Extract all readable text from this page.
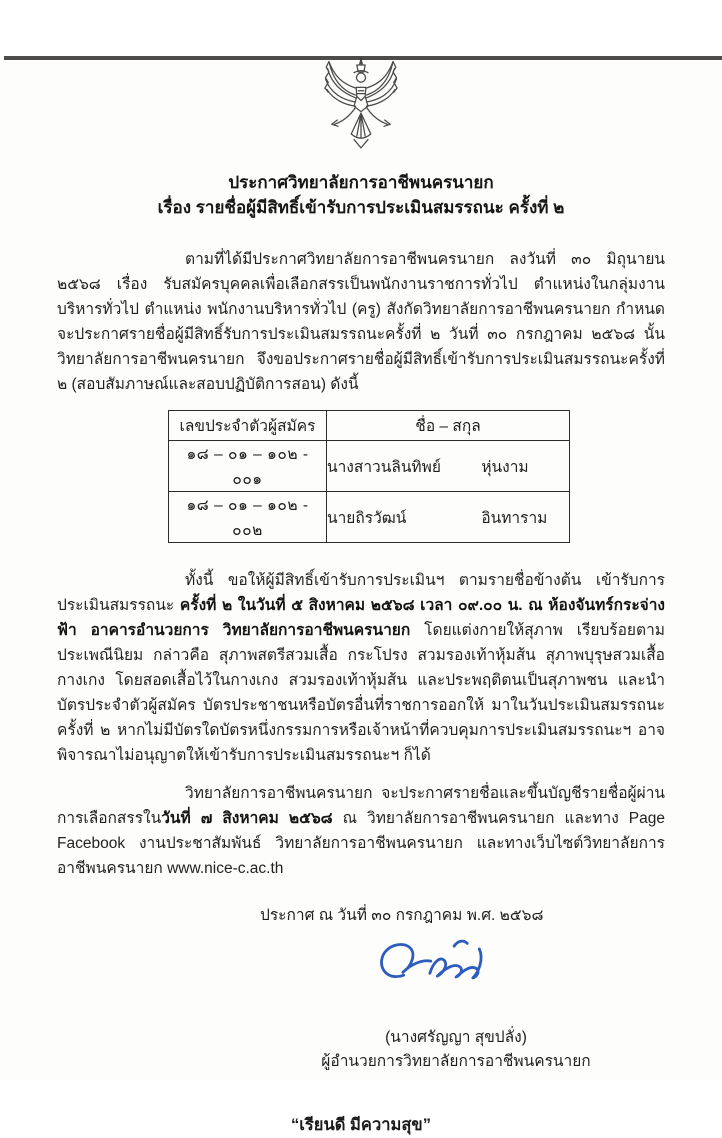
ประกาศวิทยาลัยการอาชีพนครนายก
เรื่อง รายชื่อผู้มีสิทธิ์เข้ารับการประเมินสมรรถนะ ครั้งที่ ๒

ตามที่ได้มีประกาศวิทยาลัยการอาชีพนครนายก ลงวันที่ ๓๐ มิถุนายน ๒๕๖๘ เรื่อง รับสมัครบุคคลเพื่อเลือกสรรเป็นพนักงานราชการทั่วไป ตำแหน่งในกลุ่มงานบริหารทั่วไป ตำแหน่ง พนักงานบริหารทั่วไป (ครู) สังกัดวิทยาลัยการอาชีพนครนายก กำหนดจะประกาศรายชื่อผู้มีสิทธิ์รับการประเมินสมรรถนะครั้งที่ ๒ วันที่ ๓๐ กรกฎาคม ๒๕๖๘ นั้น วิทยาลัยการอาชีพนครนายก จึงขอประกาศรายชื่อผู้มีสิทธิ์เข้ารับการประเมินสมรรถนะครั้งที่ ๒ (สอบสัมภาษณ์และสอบปฏิบัติการสอน) ดังนี้

เลขประจำตัวผู้สมัคร	ชื่อ – สกุล
๑๘ – ๐๑ – ๑๐๒ - ๐๐๑	นางสาวนลินทิพย์ หุ่นงาม
๑๘ – ๐๑ – ๑๐๒ - ๐๐๒	นายถิรวัฒน์ อินทาราม

ทั้งนี้ ขอให้ผู้มีสิทธิ์เข้ารับการประเมินฯ ตามรายชื่อข้างต้น เข้ารับการประเมินสมรรถนะ ครั้งที่ ๒ ในวันที่ ๕ สิงหาคม ๒๕๖๘ เวลา ๐๙.๐๐ น. ณ ห้องจันทร์กระจ่างฟ้า อาคารอำนวยการ วิทยาลัยการอาชีพนครนายก โดยแต่งกายให้สุภาพ เรียบร้อยตามประเพณีนิยม กล่าวคือ สุภาพสตรีสวมเสื้อ กระโปรง สวมรองเท้าหุ้มส้น สุภาพบุรุษสวมเสื้อ กางเกง โดยสอดเสื้อไว้ในกางเกง สวมรองเท้าหุ้มส้น และประพฤติตนเป็นสุภาพชน และนำบัตรประจำตัวผู้สมัคร บัตรประชาชนหรือบัตรอื่นที่ราชการออกให้ มาในวันประเมินสมรรถนะครั้งที่ ๒ หากไม่มีบัตรใดบัตรหนึ่งกรรมการหรือเจ้าหน้าที่ควบคุมการประเมินสมรรถนะฯ อาจพิจารณาไม่อนุญาตให้เข้ารับการประเมินสมรรถนะฯ ก็ได้

วิทยาลัยการอาชีพนครนายก จะประกาศรายชื่อและขึ้นบัญชีรายชื่อผู้ผ่านการเลือกสรรในวันที่ ๗ สิงหาคม ๒๕๖๘ ณ วิทยาลัยการอาชีพนครนายก และทาง Page Facebook งานประชาสัมพันธ์ วิทยาลัยการอาชีพนครนายก และทางเว็บไซต์วิทยาลัยการอาชีพนครนายก www.nice-c.ac.th

ประกาศ ณ วันที่ ๓๐ กรกฎาคม พ.ศ. ๒๕๖๘
(นางศรัญญา สุขปลั่ง)
ผู้อำนวยการวิทยาลัยการอาชีพนครนายก
“เรียนดี มีความสุข”
